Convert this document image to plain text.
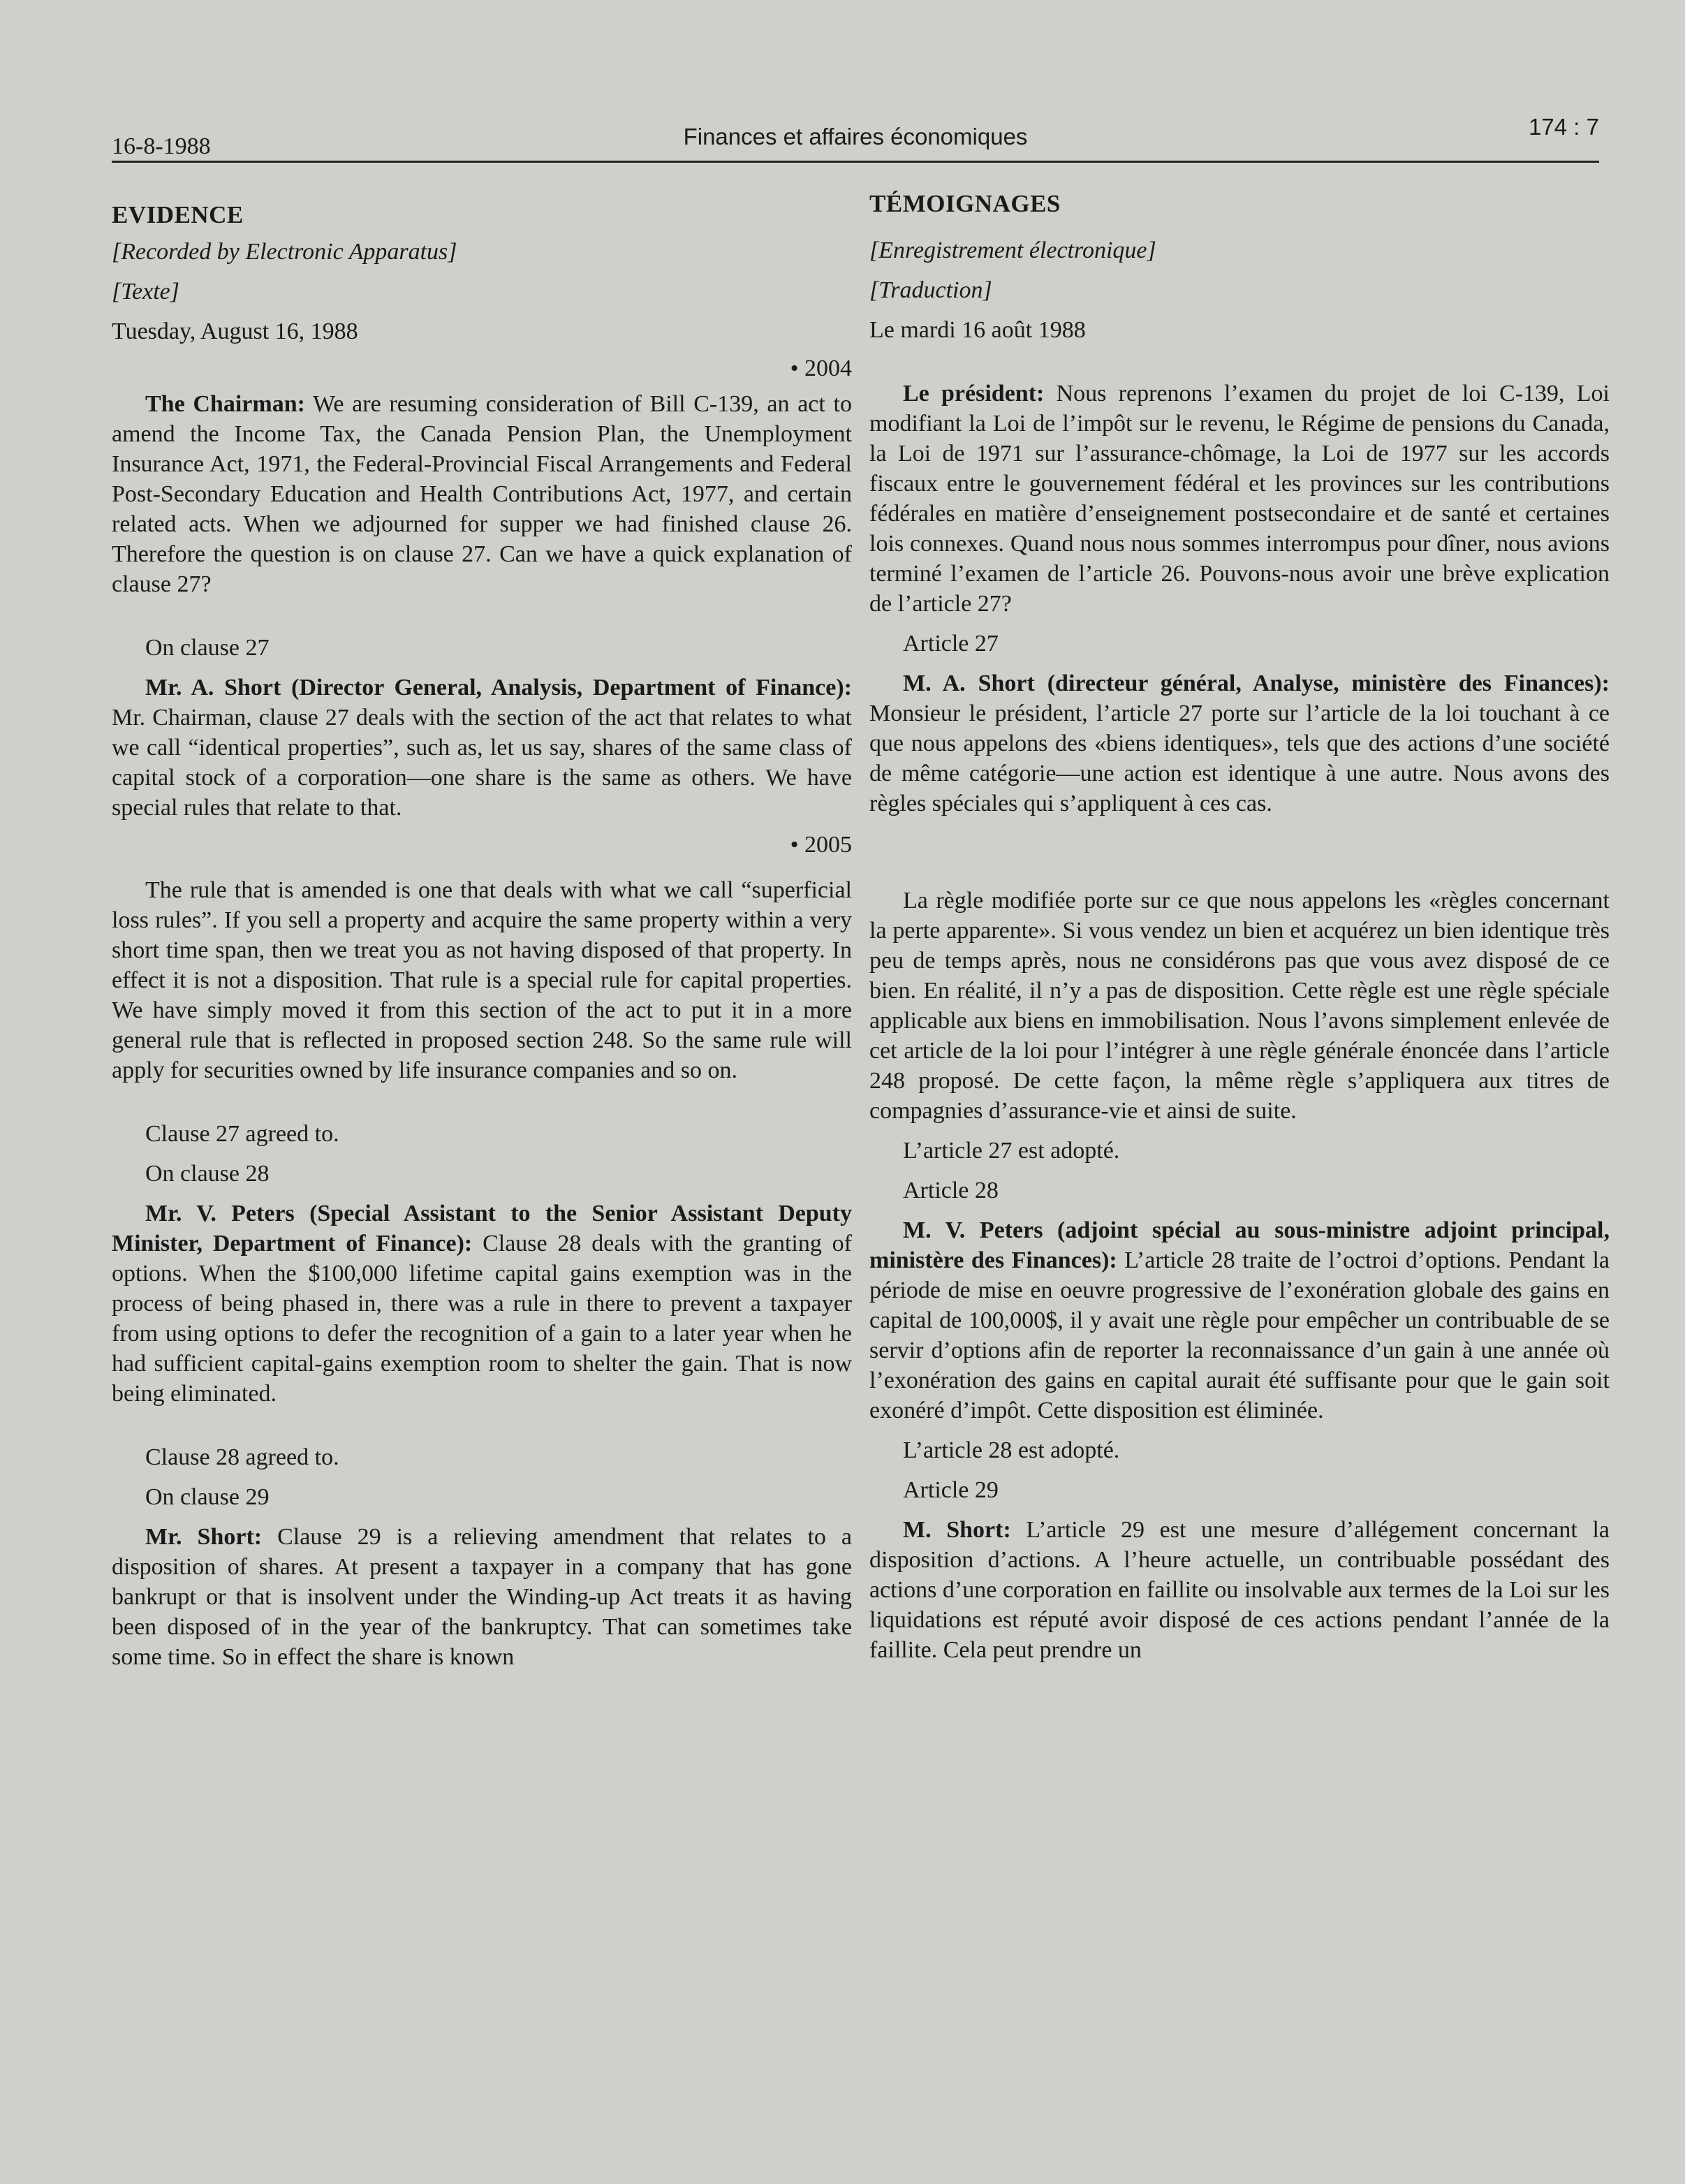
16-8-1988	Finances et affaires économiques	174 : 7
EVIDENCE
[Recorded by Electronic Apparatus]
[Texte]
Tuesday, August 16, 1988
• 2004

The Chairman: We are resuming consideration of Bill C-139, an act to amend the Income Tax, the Canada Pension Plan, the Unemployment Insurance Act, 1971, the Federal-Provincial Fiscal Arrangements and Federal Post-Secondary Education and Health Contributions Act, 1977, and certain related acts. When we adjourned for supper we had finished clause 26. Therefore the question is on clause 27. Can we have a quick explanation of clause 27?

On clause 27

Mr. A. Short (Director General, Analysis, Department of Finance): Mr. Chairman, clause 27 deals with the section of the act that relates to what we call “identical properties”, such as, let us say, shares of the same class of capital stock of a corporation—one share is the same as others. We have special rules that relate to that.

• 2005

The rule that is amended is one that deals with what we call “superficial loss rules”. If you sell a property and acquire the same property within a very short time span, then we treat you as not having disposed of that property. In effect it is not a disposition. That rule is a special rule for capital properties. We have simply moved it from this section of the act to put it in a more general rule that is reflected in proposed section 248. So the same rule will apply for securities owned by life insurance companies and so on.

Clause 27 agreed to.
On clause 28

Mr. V. Peters (Special Assistant to the Senior Assistant Deputy Minister, Department of Finance): Clause 28 deals with the granting of options. When the $100,000 lifetime capital gains exemption was in the process of being phased in, there was a rule in there to prevent a taxpayer from using options to defer the recognition of a gain to a later year when he had sufficient capital-gains exemption room to shelter the gain. That is now being eliminated.

Clause 28 agreed to.
On clause 29

Mr. Short: Clause 29 is a relieving amendment that relates to a disposition of shares. At present a taxpayer in a company that has gone bankrupt or that is insolvent under the Winding-up Act treats it as having been disposed of in the year of the bankruptcy. That can sometimes take some time. So in effect the share is known

TÉMOIGNAGES
[Enregistrement électronique]
[Traduction]
Le mardi 16 août 1988

Le président: Nous reprenons l’examen du projet de loi C-139, Loi modifiant la Loi de l’impôt sur le revenu, le Régime de pensions du Canada, la Loi de 1971 sur l’assurance-chômage, la Loi de 1977 sur les accords fiscaux entre le gouvernement fédéral et les provinces sur les contributions fédérales en matière d’enseignement postsecondaire et de santé et certaines lois connexes. Quand nous nous sommes interrompus pour dîner, nous avions terminé l’examen de l’article 26. Pouvons-nous avoir une brève explication de l’article 27?

Article 27

M. A. Short (directeur général, Analyse, ministère des Finances): Monsieur le président, l’article 27 porte sur l’article de la loi touchant à ce que nous appelons des «biens identiques», tels que des actions d’une société de même catégorie—une action est identique à une autre. Nous avons des règles spéciales qui s’appliquent à ces cas.

La règle modifiée porte sur ce que nous appelons les «règles concernant la perte apparente». Si vous vendez un bien et acquérez un bien identique très peu de temps après, nous ne considérons pas que vous avez disposé de ce bien. En réalité, il n’y a pas de disposition. Cette règle est une règle spéciale applicable aux biens en immobilisation. Nous l’avons simplement enlevée de cet article de la loi pour l’intégrer à une règle générale énoncée dans l’article 248 proposé. De cette façon, la même règle s’appliquera aux titres de compagnies d’assurance-vie et ainsi de suite.

L’article 27 est adopté.
Article 28

M. V. Peters (adjoint spécial au sous-ministre adjoint principal, ministère des Finances): L’article 28 traite de l’octroi d’options. Pendant la période de mise en oeuvre progressive de l’exonération globale des gains en capital de 100,000$, il y avait une règle pour empêcher un contribuable de se servir d’options afin de reporter la reconnaissance d’un gain à une année où l’exonération des gains en capital aurait été suffisante pour que le gain soit exonéré d’impôt. Cette disposition est éliminée.

L’article 28 est adopté.
Article 29

M. Short: L’article 29 est une mesure d’allégement concernant la disposition d’actions. A l’heure actuelle, un contribuable possédant des actions d’une corporation en faillite ou insolvable aux termes de la Loi sur les liquidations est réputé avoir disposé de ces actions pendant l’année de la faillite. Cela peut prendre un
